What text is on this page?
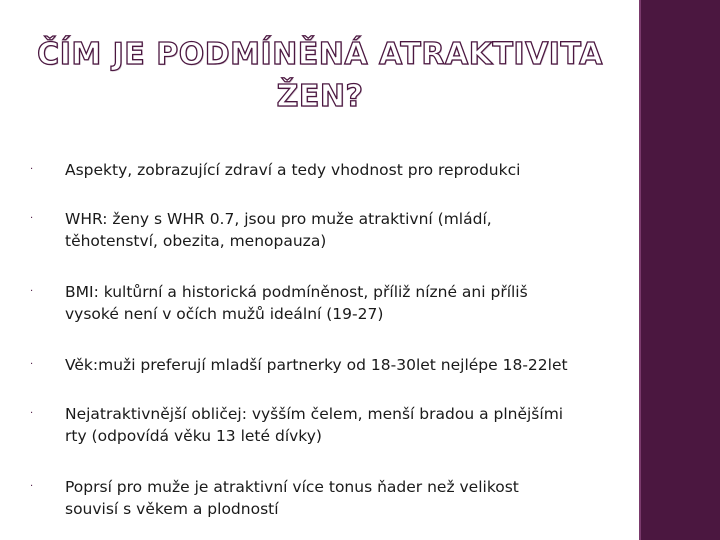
ČÍM JE PODMÍNĚNÁ ATRAKTIVITA
ŽEN?
·	Aspekty, zobrazující zdraví a tedy vhodnost pro reprodukci
·	WHR: ženy s WHR 0.7, jsou pro muže atraktivní (mládí,
těhotenství, obezita, menopauza)
·	BMI: kultůrní a historická podmíněnost, příliž nízné ani příliš
vysoké není v očích mužů ideální (19-27)
·	Věk:muži preferují mladší partnerky od 18-30let nejlépe 18-22let
·	Nejatraktivnější obličej: vyšším čelem, menší bradou a plnějšími
rty (odpovídá věku 13 leté dívky)
·	Poprsí pro muže je atraktivní více tonus ňader než velikost
souvisí s věkem a plodností
